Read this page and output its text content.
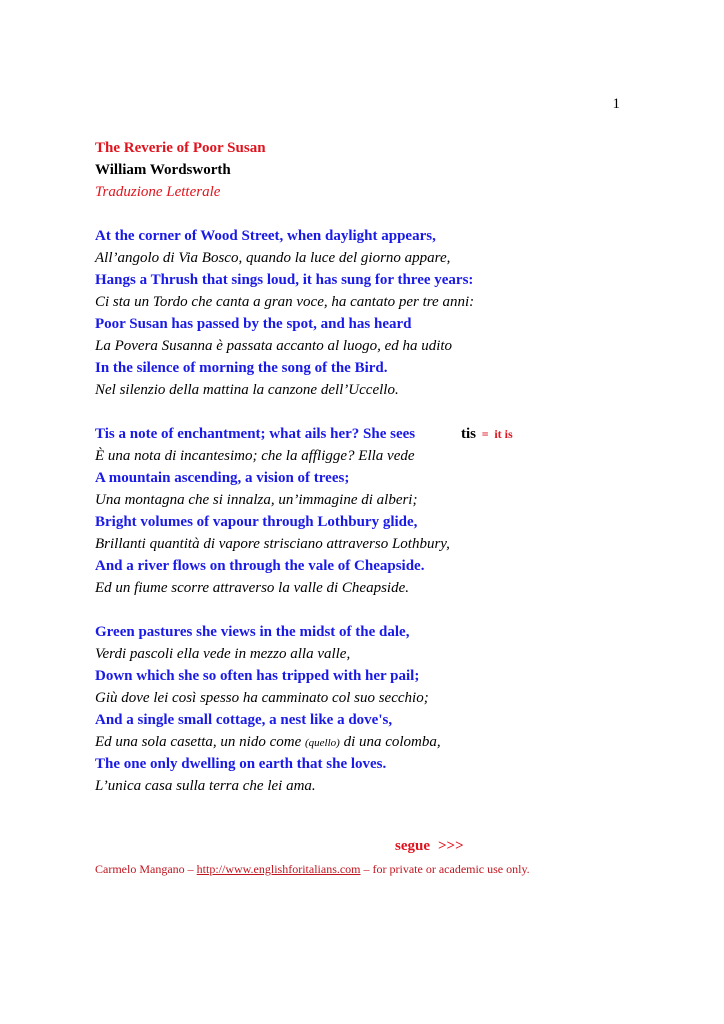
1
The Reverie of Poor Susan
William Wordsworth
Traduzione Letterale
At the corner of Wood Street, when daylight appears,
All’angolo di Via Bosco, quando la luce del giorno appare,
Hangs a Thrush that sings loud, it has sung for three years:
Ci sta un Tordo che canta a gran voce, ha cantato per tre anni:
Poor Susan has passed by the spot, and has heard
La Povera Susanna è passata accanto al luogo, ed ha udito
In the silence of morning the song of the Bird.
Nel silenzio della mattina la canzone dell’Uccello.
Tis a note of enchantment; what ails her? She sees	tis = it is
È una nota di incantesimo; che la affligge? Ella vede
A mountain ascending, a vision of trees;
Una montagna che si innalza, un’immagine di alberi;
Bright volumes of vapour through Lothbury glide,
Brillanti quantità di vapore strisciano attraverso Lothbury,
And a river flows on through the vale of Cheapside.
Ed un fiume scorre attraverso la valle di Cheapside.
Green pastures she views in the midst of the dale,
Verdi pascoli ella vede in mezzo alla valle,
Down which she so often has tripped with her pail;
Giù dove lei così spesso ha camminato col suo secchio;
And a single small cottage, a nest like a dove's,
Ed una sola casetta, un nido come (quello) di una colomba,
The one only dwelling on earth that she loves.
L’unica casa sulla terra che lei ama.
segue >>>
Carmelo Mangano – http://www.englishforitalians.com – for private or academic use only.
